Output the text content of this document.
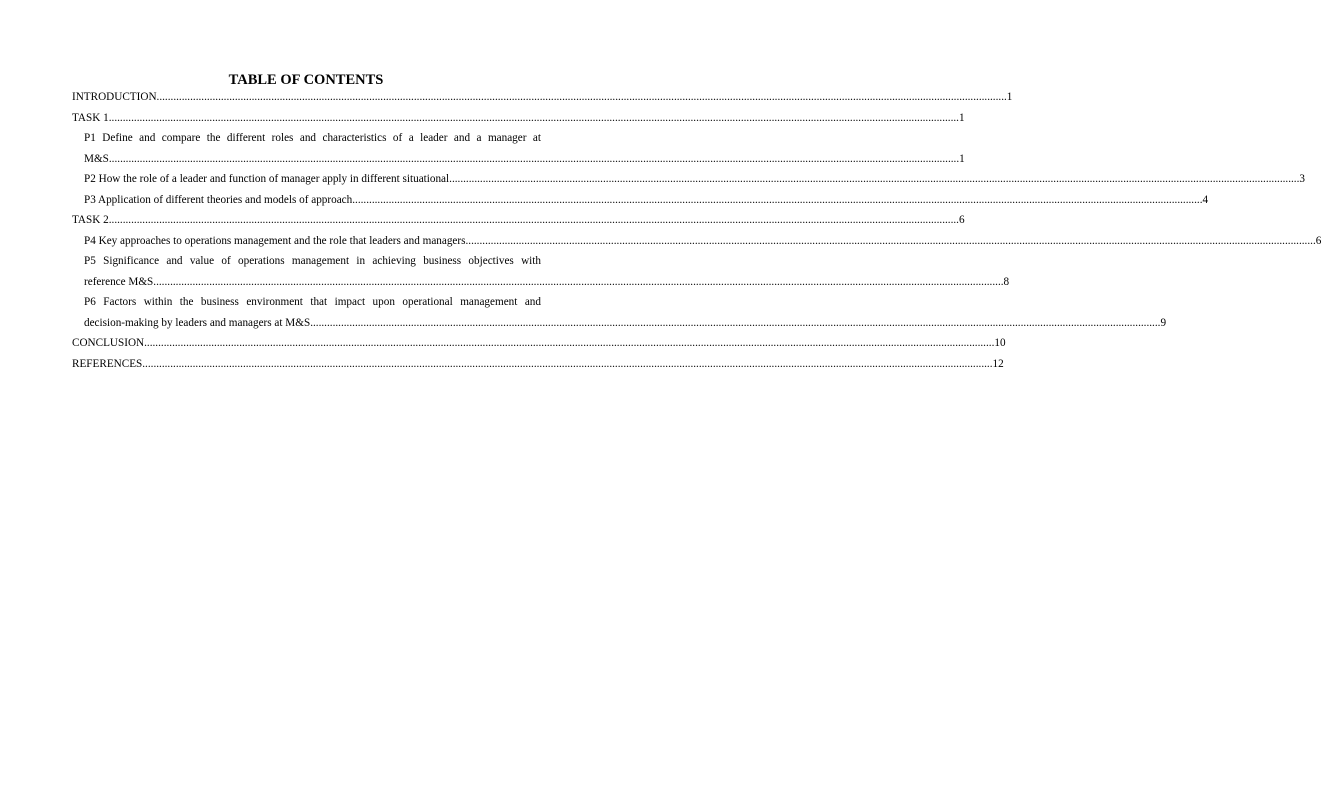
TABLE OF CONTENTS
INTRODUCTION .....	1
TASK 1 .....	1
P1 Define and compare the different roles and characteristics of a leader and a manager at
M&S .....	1
P2 How the role of a leader and function of manager apply in different situational .....	3
P3 Application of different theories and models of approach .....	4
TASK 2 .....	6
P4 Key approaches to operations management and the role that leaders and managers .....	6
P5 Significance and value of operations management in achieving business objectives with
reference M&S .....	8
P6 Factors within the business environment that impact upon operational management and
decision-making by leaders and managers at M&S .....	9
CONCLUSION .....	10
REFERENCES .....	12
